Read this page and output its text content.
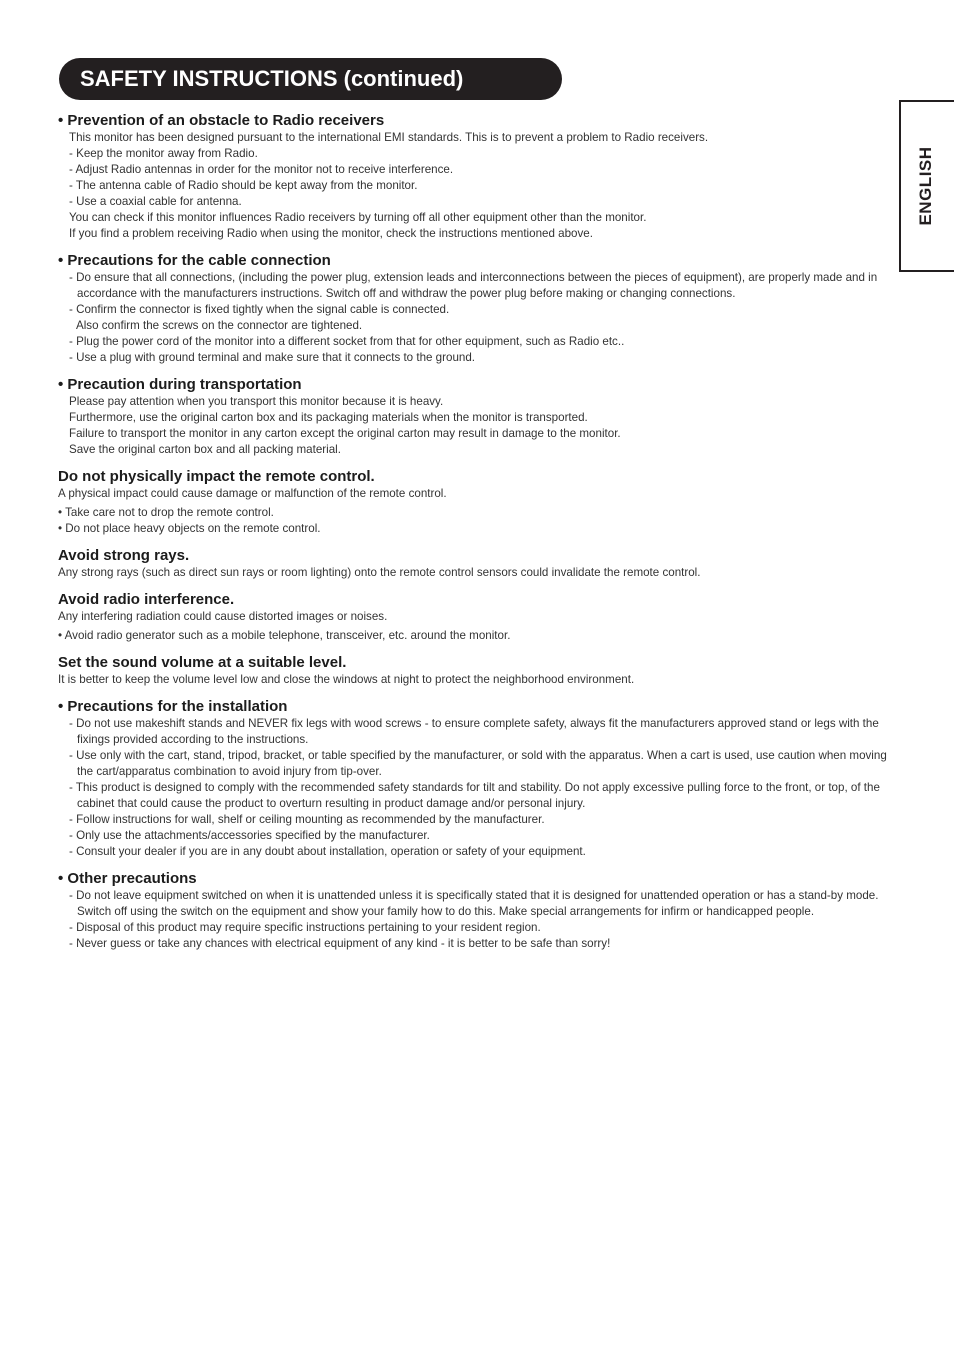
SAFETY INSTRUCTIONS (continued)
ENGLISH

• Prevention of an obstacle to Radio receivers

This monitor has been designed pursuant to the international EMI standards. This is to prevent a problem to Radio receivers.

- Keep the monitor away from Radio.

- Adjust Radio antennas in order for the monitor not to receive interference.

- The antenna cable of Radio should be kept away from the monitor.

- Use a coaxial cable for antenna.

You can check if this monitor influences Radio receivers by turning off all other equipment other than the monitor.

If you find a problem receiving Radio when using the monitor, check the instructions mentioned above.

• Precautions for the cable connection

- Do ensure that all connections, (including the power plug, extension leads and interconnections between the pieces of equipment), are properly made and in accordance with the manufacturers instructions. Switch off and withdraw the power plug before making or changing connections.

- Confirm the connector is fixed tightly when the signal cable is connected.

Also confirm the screws on the connector are tightened.

- Plug the power cord of the monitor into a different socket from that for other equipment, such as Radio etc..

- Use a plug with ground terminal and make sure that it connects to the ground.

• Precaution during transportation

Please pay attention when you transport this monitor because it is heavy.

Furthermore, use the original carton box and its packaging materials when the monitor is transported.

Failure to transport the monitor in any carton except the original carton may result in damage to the monitor.

Save the original carton box and all packing material.

Do not physically impact the remote control.

A physical impact could cause damage or malfunction of the remote control.

• Take care not to drop the remote control.

• Do not place heavy objects on the remote control.

Avoid strong rays.

Any strong rays (such as direct sun rays or room lighting) onto the remote control sensors could invalidate the remote control.

Avoid radio interference.

Any interfering radiation could cause distorted images or noises.

• Avoid radio generator such as a mobile telephone, transceiver, etc. around the monitor.

Set the sound volume at a suitable level.

It is better to keep the volume level low and close the windows at night to protect the neighborhood environment.

• Precautions for the installation

- Do not use makeshift stands and NEVER fix legs with wood screws - to ensure complete safety, always fit the manufacturers approved stand or legs with the fixings provided according to the instructions.

- Use only with the cart, stand, tripod, bracket, or table specified by the manufacturer, or sold with the apparatus. When a cart is used, use caution when moving the cart/apparatus combination to avoid injury from tip-over.

- This product is designed to comply with the recommended safety standards for tilt and stability. Do not apply excessive pulling force to the front, or top, of the cabinet that could cause the product to overturn resulting in product damage and/or personal injury.

- Follow instructions for wall, shelf or ceiling mounting as recommended by the manufacturer.

- Only use the attachments/accessories specified by the manufacturer.

- Consult your dealer if you are in any doubt about installation, operation or safety of your equipment.

• Other precautions

- Do not leave equipment switched on when it is unattended unless it is specifically stated that it is designed for unattended operation or has a stand-by mode. Switch off using the switch on the equipment and show your family how to do this. Make special arrangements for infirm or handicapped people.

- Disposal of this product may require specific instructions pertaining to your resident region.

- Never guess or take any chances with electrical equipment of any kind - it is better to be safe than sorry!
